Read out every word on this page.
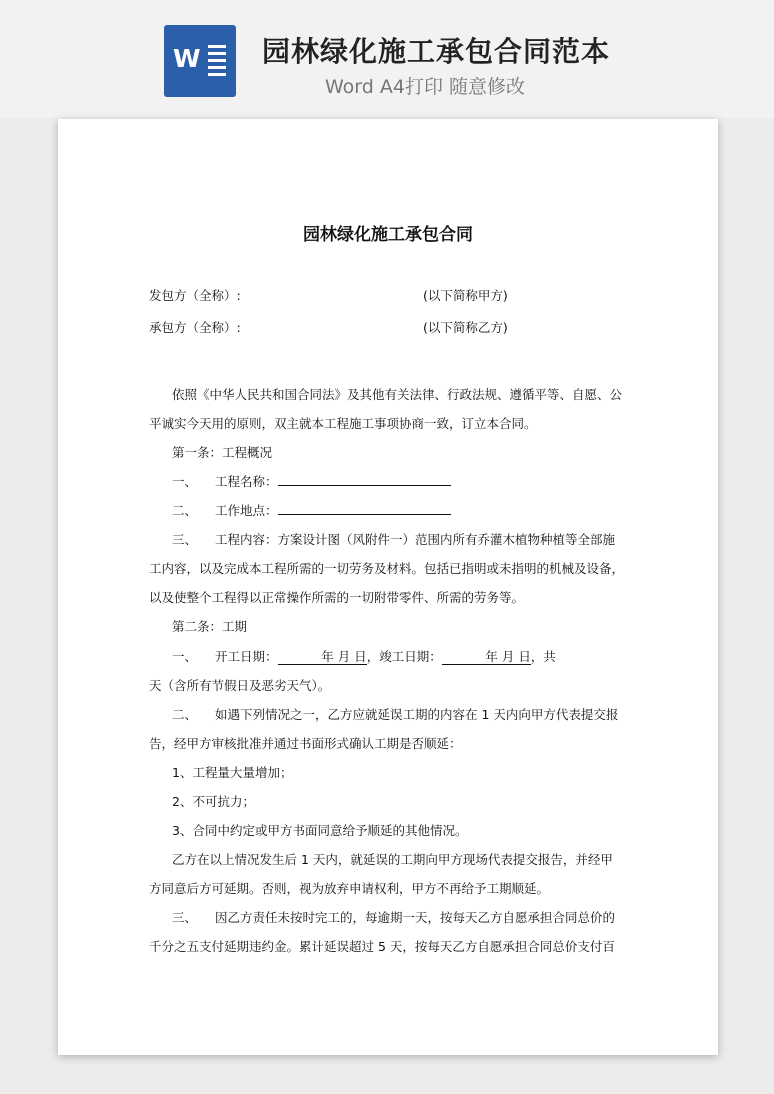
W 园林绿化施工承包合同范本
Word A4打印 随意修改
园林绿化施工承包合同
发包方（全称）:	(以下简称甲方)
承包方（全称）:	(以下简称乙方)
依照《中华人民共和国合同法》及其他有关法律、行政法规、遵循平等、自愿、公
平诚实今天用的原则，双主就本工程施工事项协商一致，订立本合同。
第一条：工程概况
一、 工程名称：
二、 工作地点：
三、 工程内容：方案设计图（风附件一）范围内所有乔灌木植物种植等全部施
工内容，以及完成本工程所需的一切劳务及材料。包括已指明或未指明的机械及设备，
以及使整个工程得以正常操作所需的一切附带零件、所需的劳务等。
第二条：工期
一、 开工日期：	年 月 日，竣工日期：	年 月 日，共
天（含所有节假日及恶劣天气）。
二、 如遇下列情况之一，乙方应就延误工期的内容在 1 天内向甲方代表提交报
告，经甲方审核批准并通过书面形式确认工期是否顺延：
1、工程量大量增加；
2、不可抗力；
3、合同中约定或甲方书面同意给予顺延的其他情况。
乙方在以上情况发生后 1 天内，就延误的工期向甲方现场代表提交报告，并经甲
方同意后方可延期。否则，视为放弃申请权利，甲方不再给予工期顺延。
三、 因乙方责任未按时完工的，每逾期一天，按每天乙方自愿承担合同总价的
千分之五支付延期违约金。累计延误超过 5 天，按每天乙方自愿承担合同总价支付百
